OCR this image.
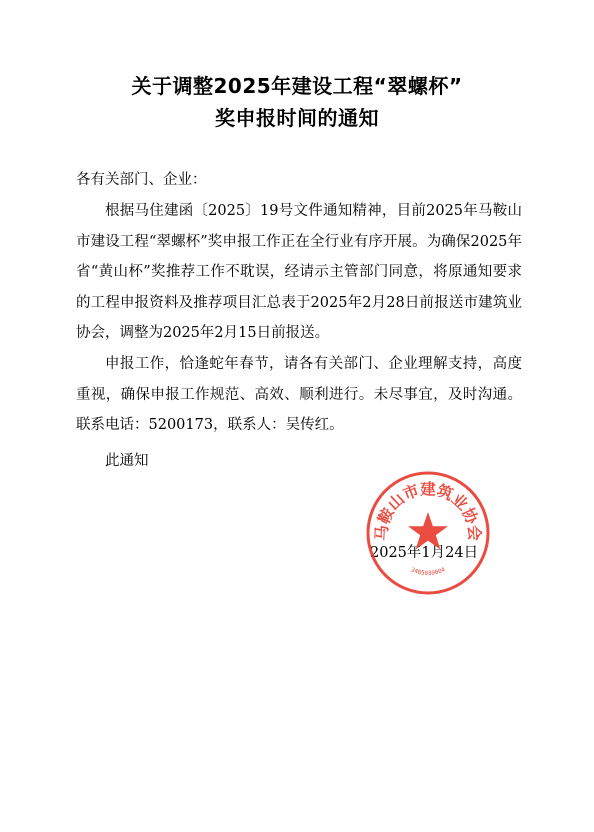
关于调整2025年建设工程“翠螺杯”
奖申报时间的通知
各有关部门、企业：

根据马住建函〔2025〕19号文件通知精神，目前2025年马鞍山市建设工程“翠螺杯”奖申报工作正在全行业有序开展。为确保2025年省“黄山杯”奖推荐工作不耽误，经请示主管部门同意，将原通知要求的工程申报资料及推荐项目汇总表于2025年2月28日前报送市建筑业协会，调整为2025年2月15日前报送。

申报工作，恰逢蛇年春节，请各有关部门、企业理解支持，高度重视，确保申报工作规范、高效、顺利进行。未尽事宜，及时沟通。联系电话：5200173，联系人：吴传红。

此通知
2025年1月24日
马鞍山市建筑业协会
3405030004
